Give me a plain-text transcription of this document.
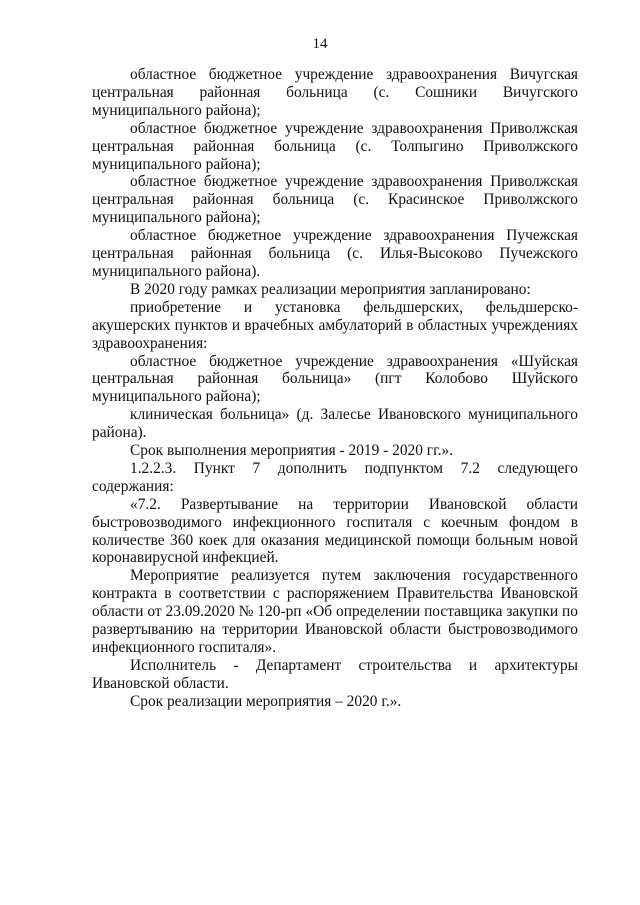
14

областное бюджетное учреждение здравоохранения Вичугская центральная районная больница (с. Сошники Вичугского муниципального района);

областное бюджетное учреждение здравоохранения Приволжская центральная районная больница (с. Толпыгино Приволжского муниципального района);

областное бюджетное учреждение здравоохранения Приволжская центральная районная больница (с. Красинское Приволжского муниципального района);

областное бюджетное учреждение здравоохранения Пучежская центральная районная больница (с. Илья-Высоково Пучежского муниципального района).

В 2020 году рамках реализации мероприятия запланировано:

приобретение и установка фельдшерских, фельдшерско-акушерских пунктов и врачебных амбулаторий в областных учреждениях здравоохранения:

областное бюджетное учреждение здравоохранения «Шуйская центральная районная больница» (пгт Колобово Шуйского муниципального района);

клиническая больница» (д. Залесье Ивановского муниципального района).

Срок выполнения мероприятия - 2019 - 2020 гг.».

1.2.2.3. Пункт 7 дополнить подпунктом 7.2 следующего содержания:

«7.2. Развертывание на территории Ивановской области быстровозводимого инфекционного госпиталя с коечным фондом в количестве 360 коек для оказания медицинской помощи больным новой коронавирусной инфекцией.

Мероприятие реализуется путем заключения государственного контракта в соответствии с распоряжением Правительства Ивановской области от 23.09.2020 № 120-рп «Об определении поставщика закупки по развертыванию на территории Ивановской области быстровозводимого инфекционного госпиталя».

Исполнитель - Департамент строительства и архитектуры Ивановской области.

Срок реализации мероприятия – 2020 г.».
